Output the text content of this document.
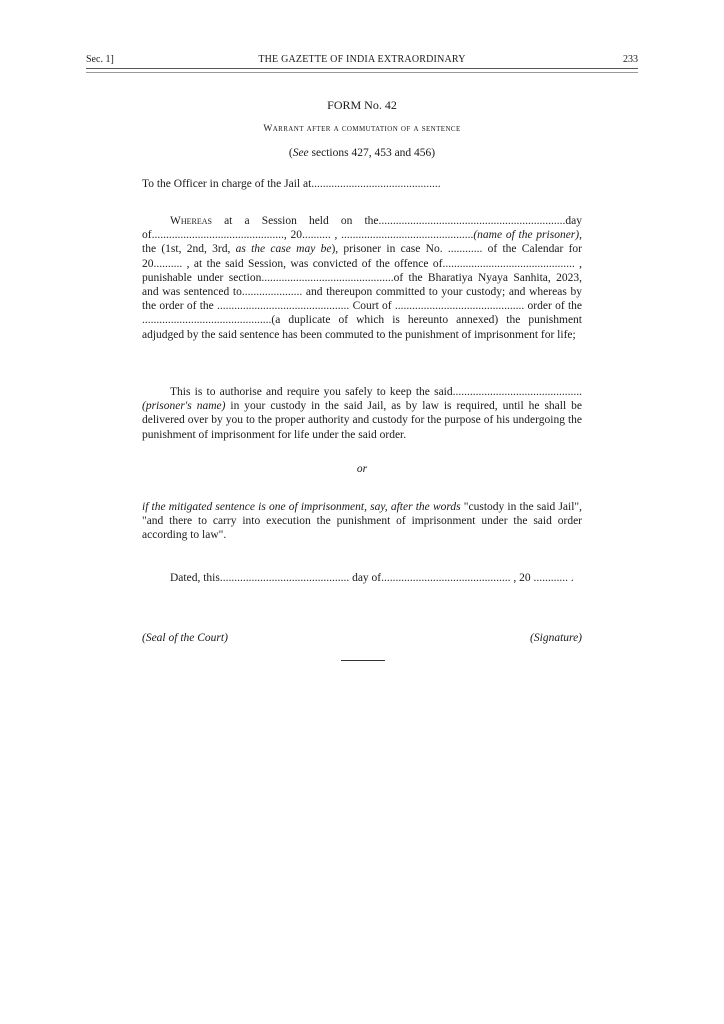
Sec. 1]	THE GAZETTE OF INDIA EXTRAORDINARY	233
FORM No. 42
Warrant after a commutation of a sentence
(See sections 427, 453 and 456)
To the Officer in charge of the Jail at.............................................
Whereas at a Session held on the.................................................................day of.............................................., 20.......... , ..............................................(name of the prisoner), the (1st, 2nd, 3rd, as the case may be), prisoner in case No. ............ of the Calendar for 20.......... , at the said Session, was convicted of the offence of.............................................. , punishable under section..............................................of the Bharatiya Nyaya Sanhita, 2023, and was sentenced to..................... and thereupon committed to your custody; and whereas by the order of the .............................................. Court of ............................................. order of the .............................................(a duplicate of which is hereunto annexed) the punishment adjudged by the said sentence has been commuted to the punishment of imprisonment for life;
This is to authorise and require you safely to keep the said............................................. (prisoner's name) in your custody in the said Jail, as by law is required, until he shall be delivered over by you to the proper authority and custody for the purpose of his undergoing the punishment of imprisonment for life under the said order.
or
if the mitigated sentence is one of imprisonment, say, after the words "custody in the said Jail", "and there to carry into execution the punishment of imprisonment under the said order according to law".
Dated, this............................................. day of............................................. , 20 ............ .
(Seal of the Court)	(Signature)
